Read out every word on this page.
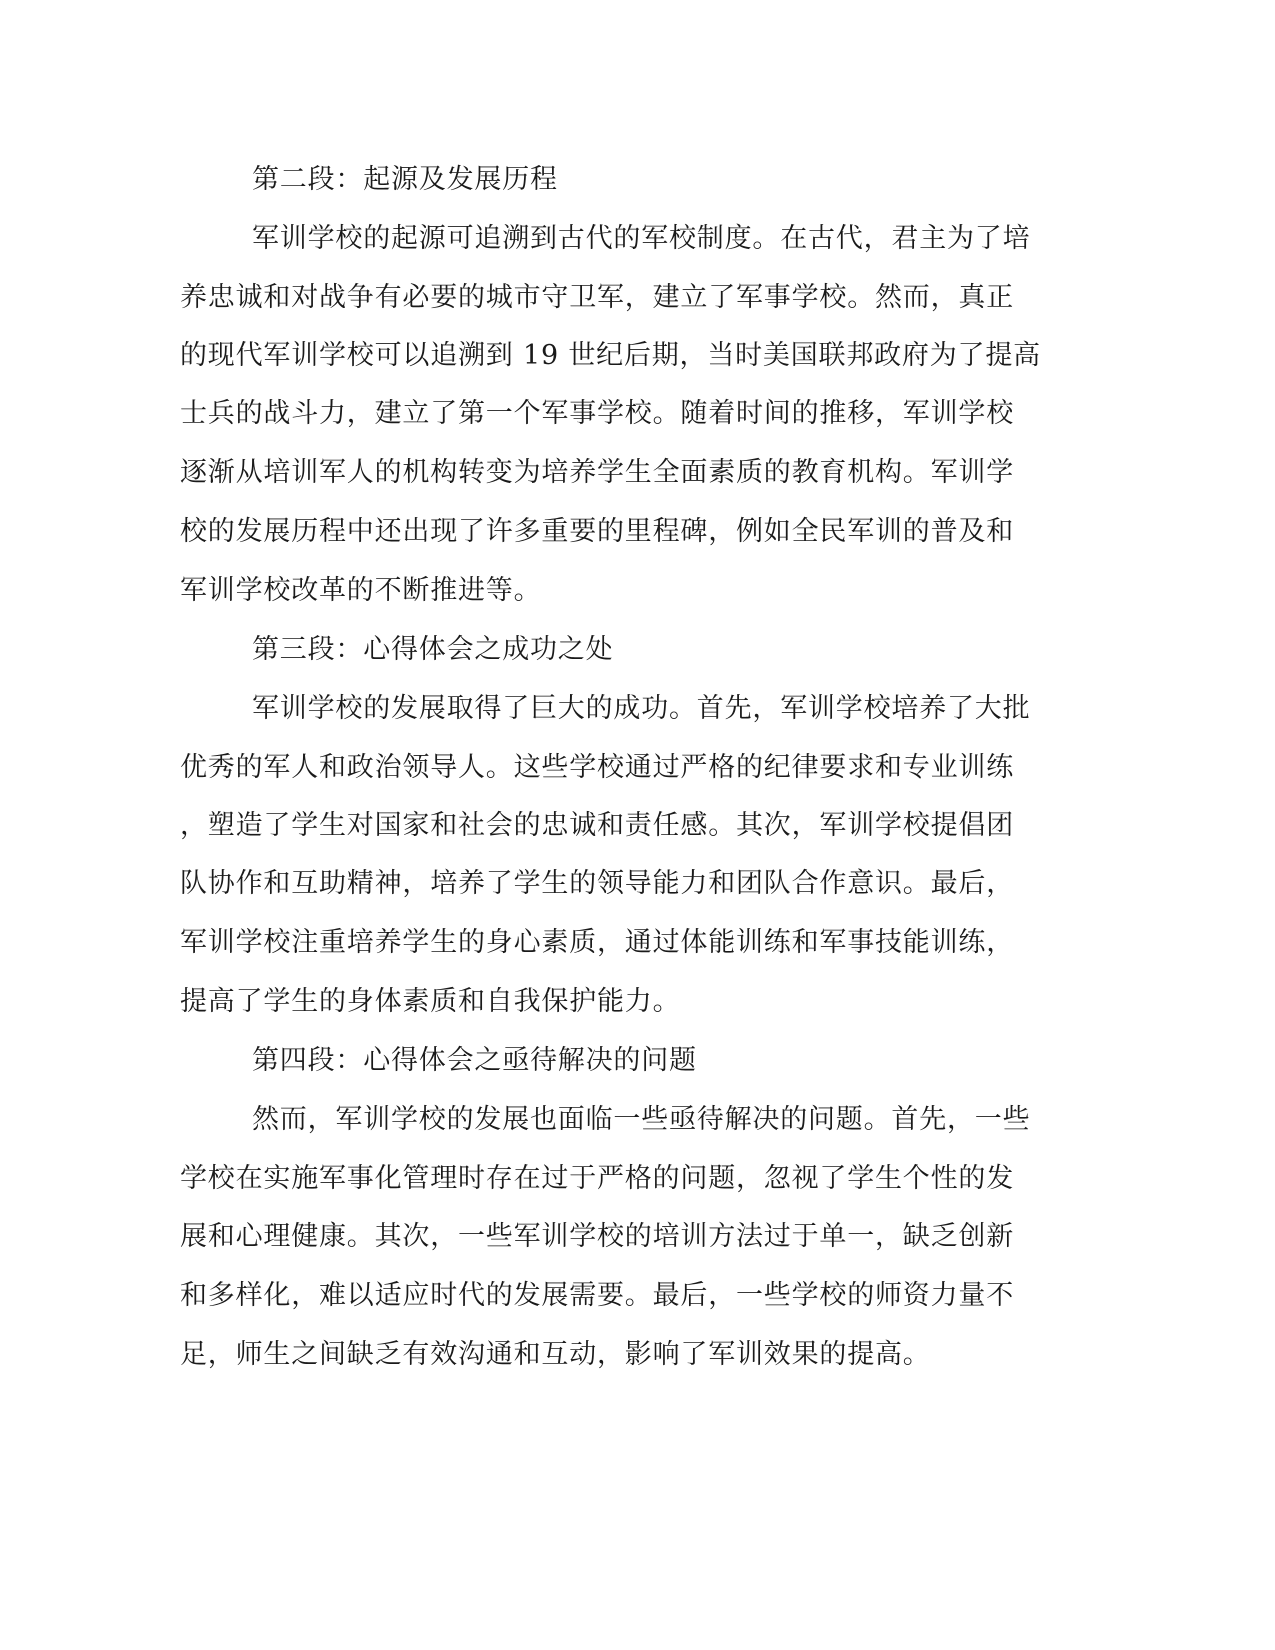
第二段：起源及发展历程
军训学校的起源可追溯到古代的军校制度。在古代，君主为了培
养忠诚和对战争有必要的城市守卫军，建立了军事学校。然而，真正
的现代军训学校可以追溯到 19 世纪后期，当时美国联邦政府为了提高
士兵的战斗力，建立了第一个军事学校。随着时间的推移，军训学校
逐渐从培训军人的机构转变为培养学生全面素质的教育机构。军训学
校的发展历程中还出现了许多重要的里程碑，例如全民军训的普及和
军训学校改革的不断推进等。
第三段：心得体会之成功之处
军训学校的发展取得了巨大的成功。首先，军训学校培养了大批
优秀的军人和政治领导人。这些学校通过严格的纪律要求和专业训练
，塑造了学生对国家和社会的忠诚和责任感。其次，军训学校提倡团
队协作和互助精神，培养了学生的领导能力和团队合作意识。最后，
军训学校注重培养学生的身心素质，通过体能训练和军事技能训练，
提高了学生的身体素质和自我保护能力。
第四段：心得体会之亟待解决的问题
然而，军训学校的发展也面临一些亟待解决的问题。首先，一些
学校在实施军事化管理时存在过于严格的问题，忽视了学生个性的发
展和心理健康。其次，一些军训学校的培训方法过于单一，缺乏创新
和多样化，难以适应时代的发展需要。最后，一些学校的师资力量不
足，师生之间缺乏有效沟通和互动，影响了军训效果的提高。
